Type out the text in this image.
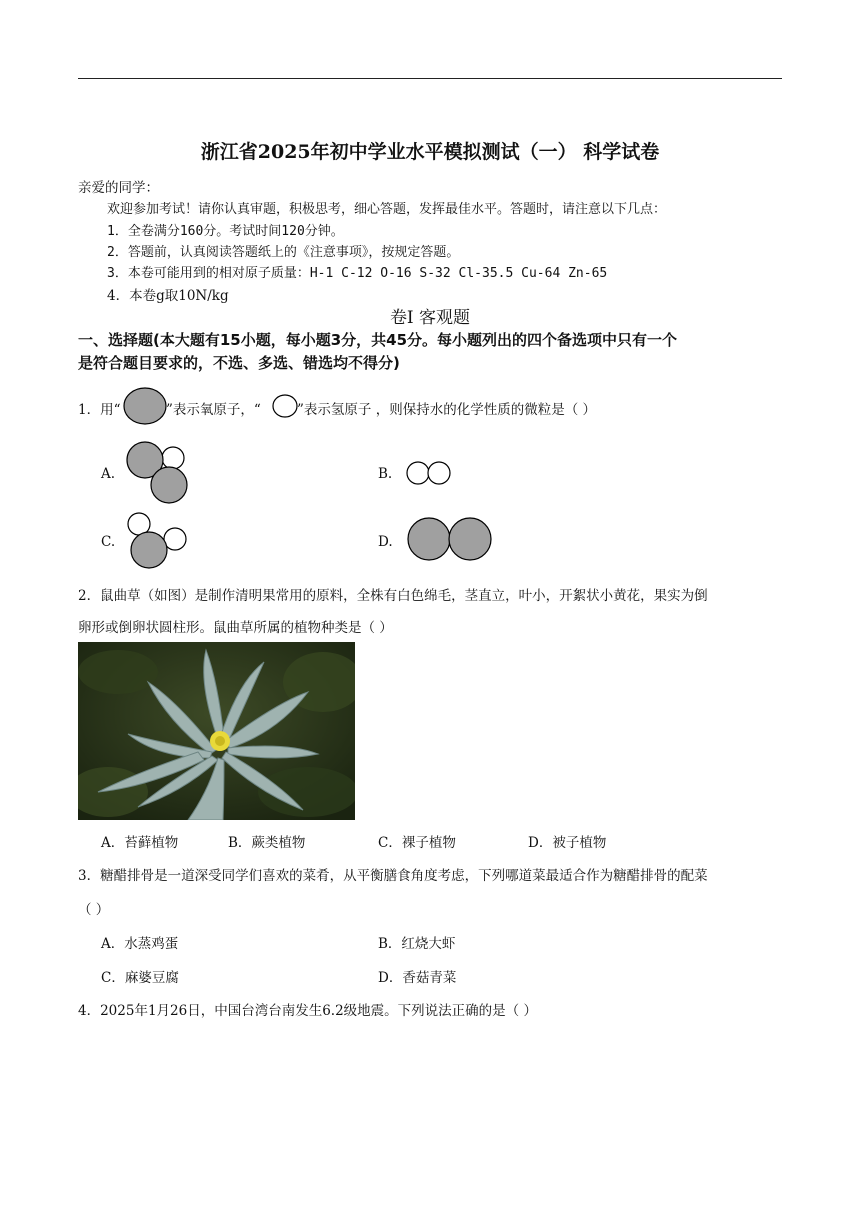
浙江省2025年初中学业水平模拟测试（一） 科学试卷
亲爱的同学：
欢迎参加考试！请你认真审题，积极思考，细心答题，发挥最佳水平。答题时，请注意以下几点：
1．全卷满分160分。考试时间120分钟。
2．答题前，认真阅读答题纸上的《注意事项》，按规定答题。
3．本卷可能用到的相对原子质量：H-1 C-12 O-16 S-32 Cl-35.5 Cu-64 Zn-65
4．本卷g取10N/kg
卷Ⅰ 客观题
一、选择题(本大题有15小题，每小题3分，共45分。每小题列出的四个备选项中只有一个
是符合题目要求的，不选、多选、错选均不得分)
1．用“	”表示氧原子，“	”表示氢原子 ，则保持水的化学性质的微粒是（ ）
A.	B.
C.	D.
2．鼠曲草（如图）是制作清明果常用的原料，全株有白色绵毛，茎直立，叶小，开絮状小黄花，果实为倒
卵形或倒卵状圆柱形。鼠曲草所属的植物种类是（ ）
A．苔藓植物	B．蕨类植物	C．裸子植物	D．被子植物
3．糖醋排骨是一道深受同学们喜欢的菜肴，从平衡膳食角度考虑，下列哪道菜最适合作为糖醋排骨的配菜
（ ）
A．水蒸鸡蛋	B．红烧大虾
C．麻婆豆腐	D．香菇青菜
4．2025年1月26日，中国台湾台南发生6.2级地震。下列说法正确的是（ ）
